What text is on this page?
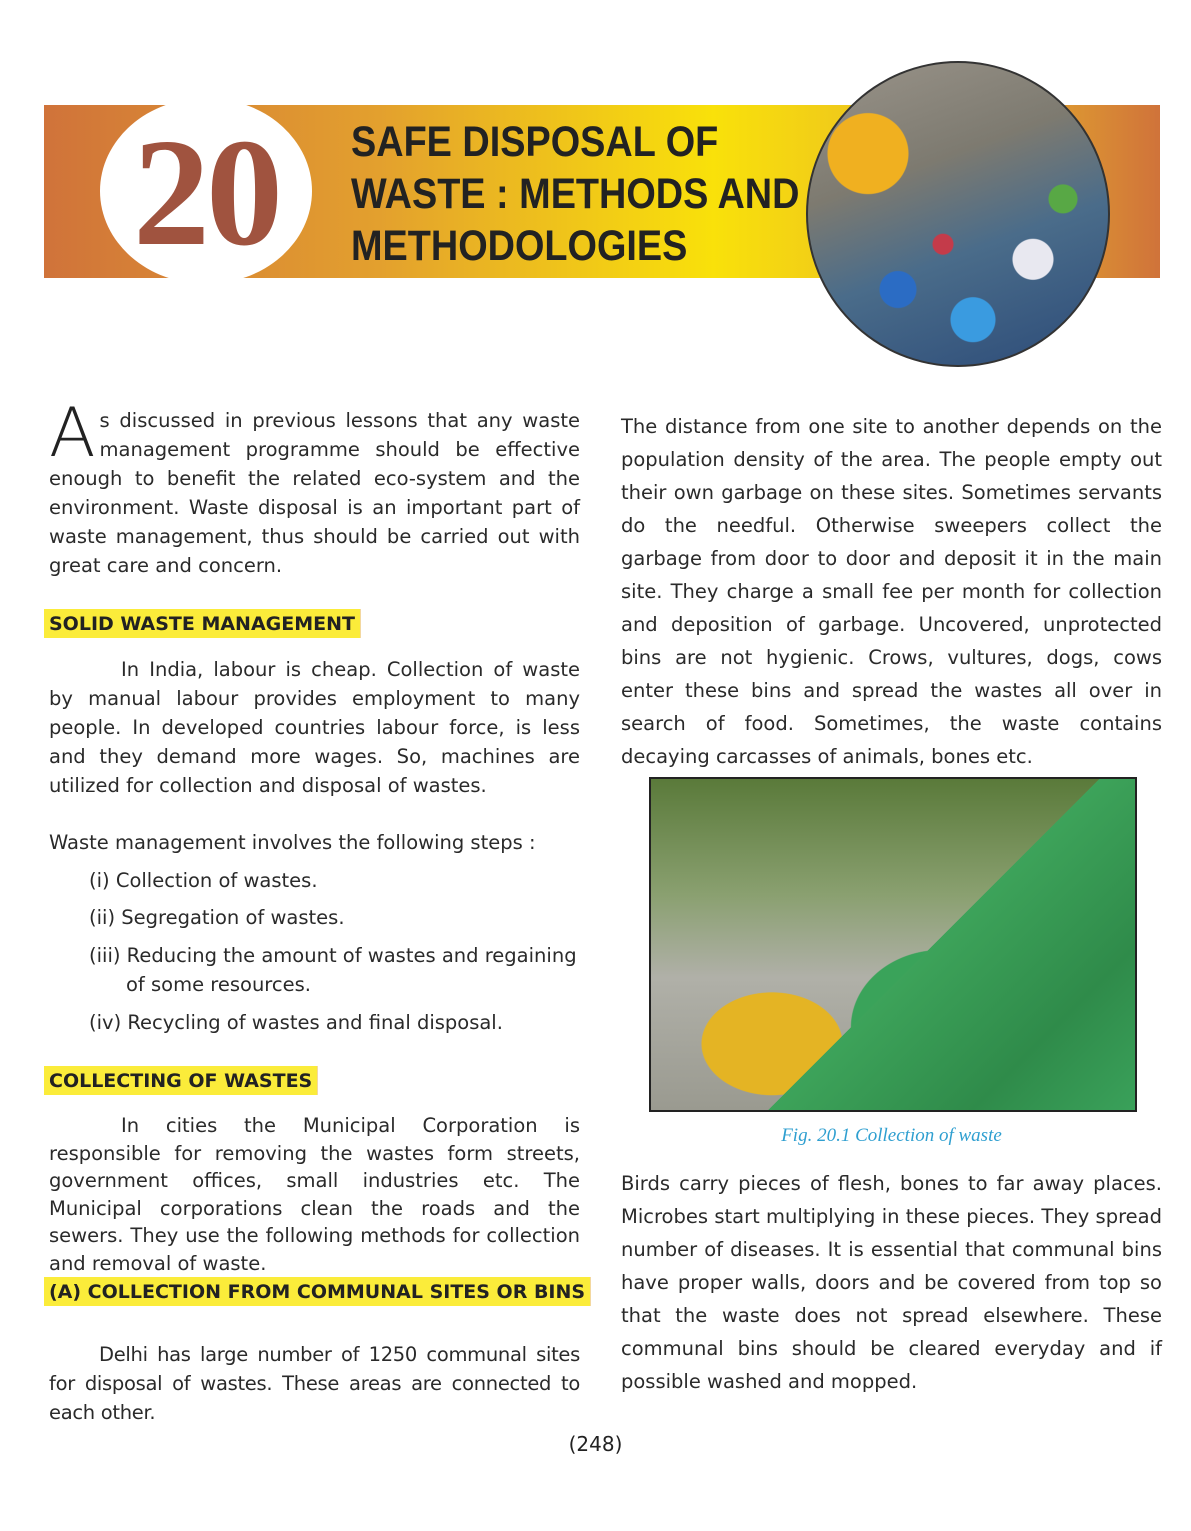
20	SAFE DISPOSAL OF
WASTE : METHODS AND
METHODOLOGIES

As discussed in previous lessons that any waste management programme should be effective enough to benefit the related eco-system and the environment. Waste disposal is an important part of waste management, thus should be carried out with great care and concern.

SOLID WASTE MANAGEMENT

In India, labour is cheap. Collection of waste by manual labour provides employment to many people. In developed countries labour force, is less and they demand more wages. So, machines are utilized for collection and disposal of wastes.

Waste management involves the following steps :
(i) Collection of wastes.
(ii) Segregation of wastes.
(iii) Reducing the amount of wastes and regaining
of some resources.
(iv) Recycling of wastes and final disposal.
COLLECTING OF WASTES

In cities the Municipal Corporation is responsible for removing the wastes form streets, government offices, small industries etc. The Municipal corporations clean the roads and the sewers. They use the following methods for collection and removal of waste.

(A) COLLECTION FROM COMMUNAL SITES OR BINS

Delhi has large number of 1250 communal sites for disposal of wastes. These areas are connected to each other.

The distance from one site to another depends on the population density of the area. The people empty out their own garbage on these sites. Sometimes servants do the needful. Otherwise sweepers collect the garbage from door to door and deposit it in the main site. They charge a small fee per month for collection and deposition of garbage. Uncovered, unprotected bins are not hygienic. Crows, vultures, dogs, cows enter these bins and spread the wastes all over in search of food. Sometimes, the waste contains decaying carcasses of animals, bones etc.

Fig. 20.1 Collection of waste

Birds carry pieces of flesh, bones to far away places. Microbes start multiplying in these pieces. They spread number of diseases. It is essential that communal bins have proper walls, doors and be covered from top so that the waste does not spread elsewhere. These communal bins should be cleared everyday and if possible washed and mopped.

(248)
